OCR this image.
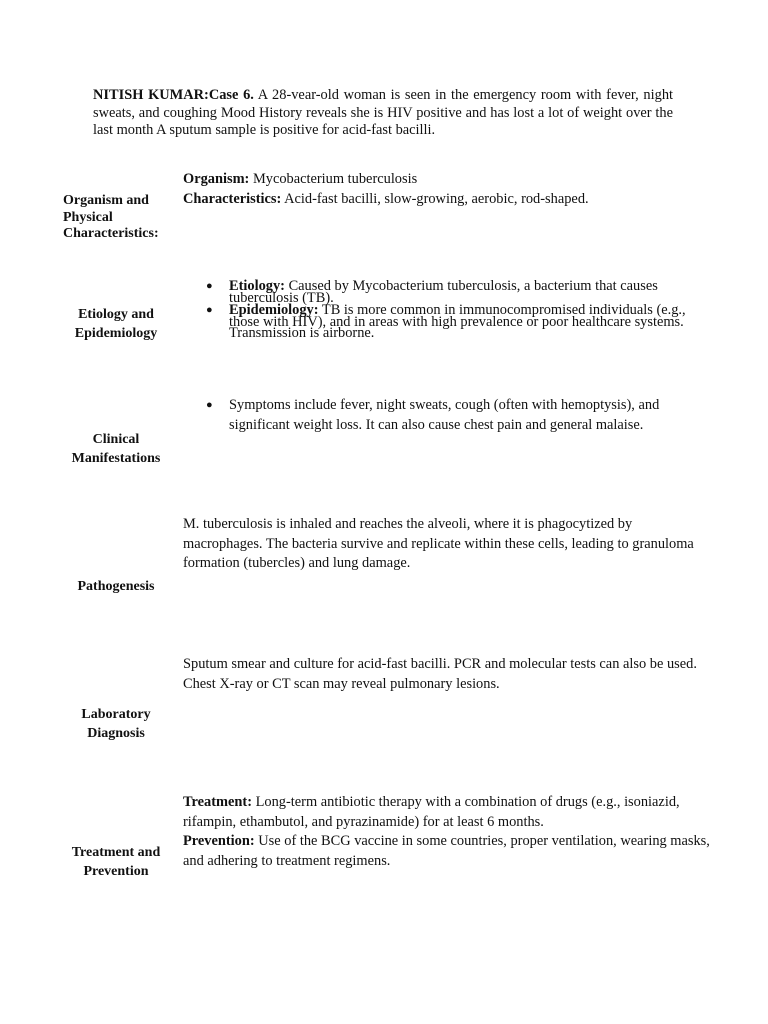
NITISH KUMAR:Case 6. A 28-vear-old woman is seen in the emergency room with fever, night sweats, and coughing Mood History reveals she is HIV positive and has lost a lot of weight over the last month A sputum sample is positive for acid-fast bacilli.
Organism and Physical Characteristics:
Organism: Mycobacterium tuberculosis
Characteristics: Acid-fast bacilli, slow-growing, aerobic, rod-shaped.
Etiology and Epidemiology
● Etiology: Caused by Mycobacterium tuberculosis, a bacterium that causes tuberculosis (TB).
● Epidemiology: TB is more common in immunocompromised individuals (e.g., those with HIV), and in areas with high prevalence or poor healthcare systems. Transmission is airborne.
Clinical Manifestations
● Symptoms include fever, night sweats, cough (often with hemoptysis), and significant weight loss. It can also cause chest pain and general malaise.
Pathogenesis
M. tuberculosis is inhaled and reaches the alveoli, where it is phagocytized by macrophages. The bacteria survive and replicate within these cells, leading to granuloma formation (tubercles) and lung damage.
Laboratory Diagnosis
Sputum smear and culture for acid-fast bacilli. PCR and molecular tests can also be used. Chest X-ray or CT scan may reveal pulmonary lesions.
Treatment and Prevention
Treatment: Long-term antibiotic therapy with a combination of drugs (e.g., isoniazid, rifampin, ethambutol, and pyrazinamide) for at least 6 months.
Prevention: Use of the BCG vaccine in some countries, proper ventilation, wearing masks, and adhering to treatment regimens.
